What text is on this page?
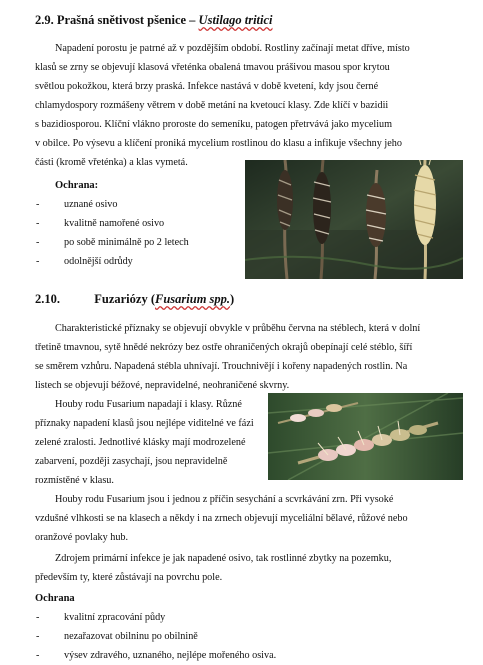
2.9. Prašná snětivost pšenice – Ustilago tritici
Napadení porostu je patrné až v pozdějším období. Rostliny začínají metat dříve, místo
klasů se zrny se objevují klasová vřeténka obalená tmavou prášivou masou spor krytou
světlou pokožkou, která brzy praská. Infekce nastává v době kvetení, kdy jsou černé
chlamydospory rozmášeny větrem v době metání na kvetoucí klasy. Zde klíčí v bazidii
s bazidiosporou. Klíční vlákno proroste do semeníku, patogen přetrvává jako mycelium
v obilce. Po výsevu a klíčení proniká mycelium rostlinou do klasu a infikuje všechny jeho
části (kromě vřeténka) a klas vymetá.
Ochrana:
- uznané osivo
- kvalitně namořené osivo
- po sobě minimálně po 2 letech
- odolnější odrůdy
2.10.	Fuzariózy (Fusarium spp.)
Charakteristické příznaky se objevují obvykle v průběhu června na stéblech, která v dolní
třetině tmavnou, sytě hnědé nekrózy bez ostře ohraničených okrajů obepínají celé stéblo, šíří
se směrem vzhůru. Napadená stébla uhnívají. Trouchnivějí i kořeny napadených rostlin. Na
listech se objevují béžové, nepravidelné, neohraničené skvrny.
Houby rodu Fusarium napadají i klasy. Různé
příznaky napadení klasů jsou nejlépe viditelné ve fázi
zelené zralosti. Jednotlivé klásky mají modrozelené
zabarvení, později zasychají, jsou nepravidelně
rozmístěné v klasu.
Houby rodu Fusarium jsou i jednou z příčin sesychání a scvrkávání zrn. Při vysoké
vzdušné vlhkosti se na klasech a někdy i na zrnech objevují myceliální bělavé, růžové nebo
oranžové povlaky hub.
Zdrojem primární infekce je jak napadené osivo, tak rostlinné zbytky na pozemku,
především ty, které zůstávají na povrchu pole.
Ochrana
- kvalitní zpracování půdy
- nezařazovat obilninu po obilnině
- výsev zdravého, uznaného, nejlépe mořeného osiva.
